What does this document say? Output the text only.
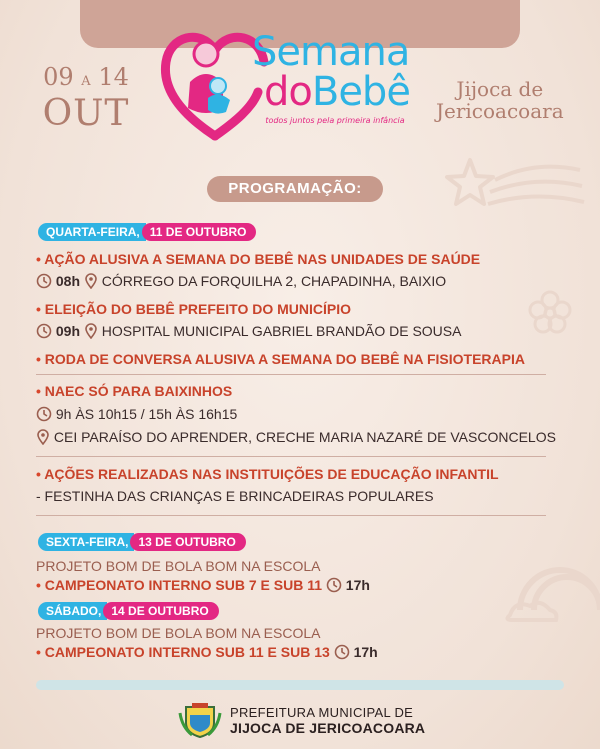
Semana
doBebê
todos juntos pela primeira infância
09 A 14
OUT
Jijoca de
Jericoacoara
PROGRAMAÇÃO:
QUARTA-FEIRA, 11 DE OUTUBRO
• AÇÃO ALUSIVA A SEMANA DO BEBÊ NAS UNIDADES DE SAÚDE
08h CÓRREGO DA FORQUILHA 2, CHAPADINHA, BAIXIO
• ELEIÇÃO DO BEBÊ PREFEITO DO MUNICÍPIO
09h HOSPITAL MUNICIPAL GABRIEL BRANDÃO DE SOUSA
• RODA DE CONVERSA ALUSIVA A SEMANA DO BEBÊ NA FISIOTERAPIA
• NAEC SÓ PARA BAIXINHOS
9h ÀS 10h15 / 15h ÀS 16h15
CEI PARAÍSO DO APRENDER, CRECHE MARIA NAZARÉ DE VASCONCELOS
• AÇÕES REALIZADAS NAS INSTITUIÇÕES DE EDUCAÇÃO INFANTIL
- FESTINHA DAS CRIANÇAS E BRINCADEIRAS POPULARES
SEXTA-FEIRA, 13 DE OUTUBRO
PROJETO BOM DE BOLA BOM NA ESCOLA
• CAMPEONATO INTERNO SUB 7 E SUB 11 17h
SÁBADO, 14 DE OUTUBRO
PROJETO BOM DE BOLA BOM NA ESCOLA
• CAMPEONATO INTERNO SUB 11 E SUB 13 17h
PREFEITURA MUNICIPAL DE
JIJOCA DE JERICOACOARA
